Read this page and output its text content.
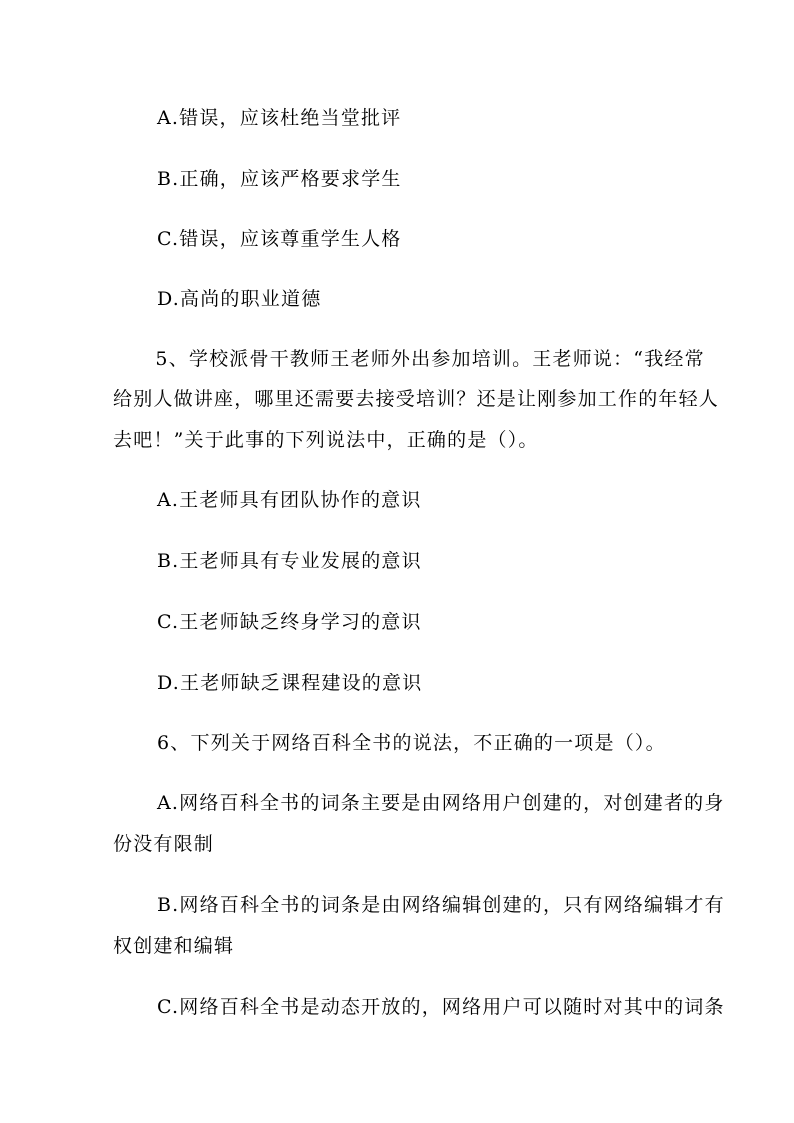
A.错误，应该杜绝当堂批评
B.正确，应该严格要求学生
C.错误，应该尊重学生人格
D.高尚的职业道德
　　5、学校派骨干教师王老师外出参加培训。王老师说：“我经常
给别人做讲座，哪里还需要去接受培训？还是让刚参加工作的年轻人
去吧！”关于此事的下列说法中，正确的是（）。
A.王老师具有团队协作的意识
B.王老师具有专业发展的意识
C.王老师缺乏终身学习的意识
D.王老师缺乏课程建设的意识
6、下列关于网络百科全书的说法，不正确的一项是（）。
A.网络百科全书的词条主要是由网络用户创建的，对创建者的身
份没有限制
B.网络百科全书的词条是由网络编辑创建的，只有网络编辑才有
权创建和编辑
C.网络百科全书是动态开放的，网络用户可以随时对其中的词条
